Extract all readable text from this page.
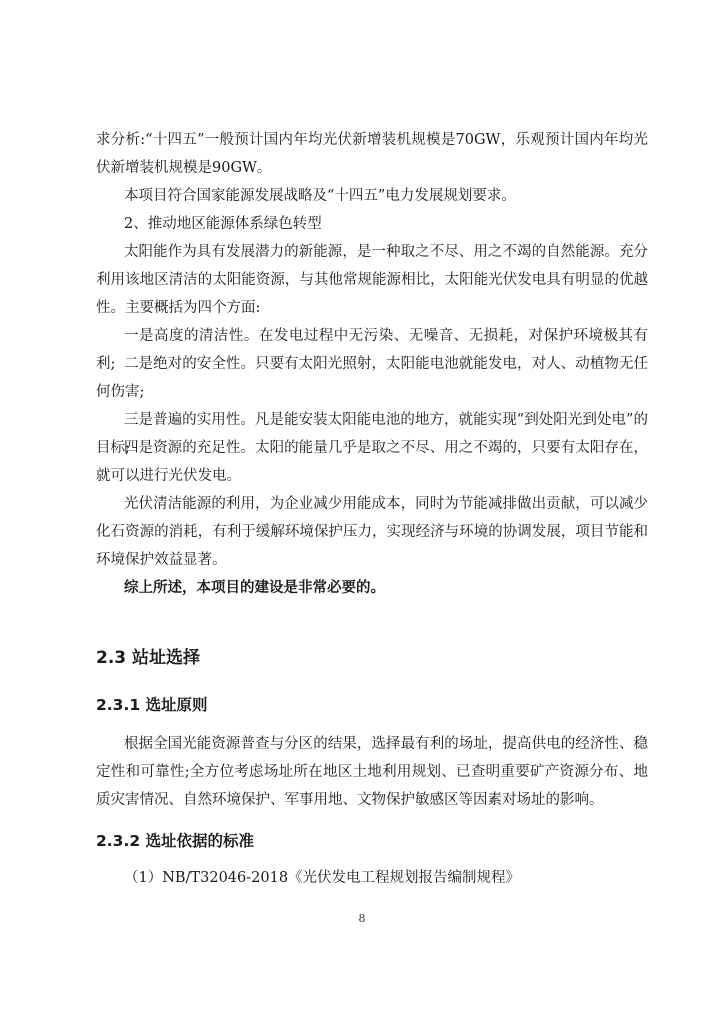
求分析:“十四五”一般预计国内年均光伏新增装机规模是70GW，乐观预计国内年均光伏新增装机规模是90GW。

本项目符合国家能源发展战略及“十四五”电力发展规划要求。

2、推动地区能源体系绿色转型

太阳能作为具有发展潜力的新能源，是一种取之不尽、用之不竭的自然能源。充分利用该地区清洁的太阳能资源，与其他常规能源相比，太阳能光伏发电具有明显的优越性。主要概括为四个方面:

一是高度的清洁性。在发电过程中无污染、无噪音、无损耗，对保护环境极其有利; 二是绝对的安全性。只要有太阳光照射，太阳能电池就能发电，对人、动植物无任何伤害;

三是普遍的实用性。凡是能安装太阳能电池的地方，就能实现“到处阳光到处电”的目标;

四是资源的充足性。太阳的能量几乎是取之不尽、用之不竭的，只要有太阳存在，就可以进行光伏发电。

光伏清洁能源的利用，为企业减少用能成本，同时为节能减排做出贡献，可以减少化石资源的消耗，有利于缓解环境保护压力，实现经济与环境的协调发展，项目节能和环境保护效益显著。

综上所述，本项目的建设是非常必要的。

2.3 站址选择
2.3.1 选址原则

根据全国光能资源普查与分区的结果，选择最有利的场址，提高供电的经济性、稳定性和可靠性;全方位考虑场址所在地区土地利用规划、已查明重要矿产资源分布、地质灾害情况、自然环境保护、军事用地、文物保护敏感区等因素对场址的影响。

2.3.2 选址依据的标准

（1）NB/T32046-2018《光伏发电工程规划报告编制规程》

8
